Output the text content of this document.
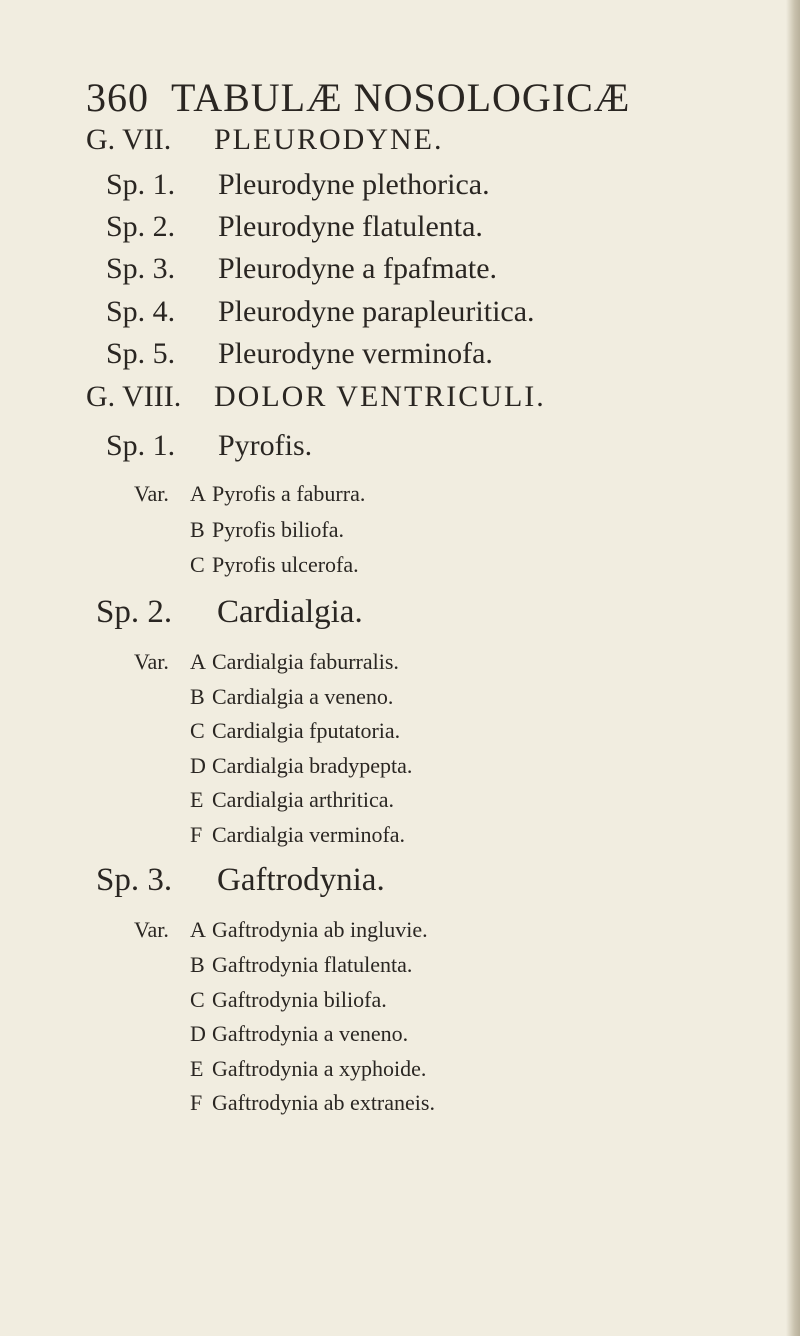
360 TABULÆ NOSOLOGICÆ
G. VII. PLEURODYNE.
Sp. 1. Pleurodyne plethorica.
Sp. 2. Pleurodyne flatulenta.
Sp. 3. Pleurodyne a fpafmate.
Sp. 4. Pleurodyne parapleuritica.
Sp. 5. Pleurodyne verminofa.
G. VIII. DOLOR VENTRICULI.
Sp. 1. Pyrofis.
Var. A Pyrofis a faburra.
B Pyrofis biliofa.
C Pyrofis ulcerofa.
Sp. 2. Cardialgia.
Var. A Cardialgia faburralis.
B Cardialgia a veneno.
C Cardialgia fputatoria.
D Cardialgia bradypepta.
E Cardialgia arthritica.
F Cardialgia verminofa.
Sp. 3. Gaftrodynia.
Var. A Gaftrodynia ab ingluvie.
B Gaftrodynia flatulenta.
C Gaftrodynia biliofa.
D Gaftrodynia a veneno.
E Gaftrodynia a xyphoide.
F Gaftrodynia ab extraneis.
